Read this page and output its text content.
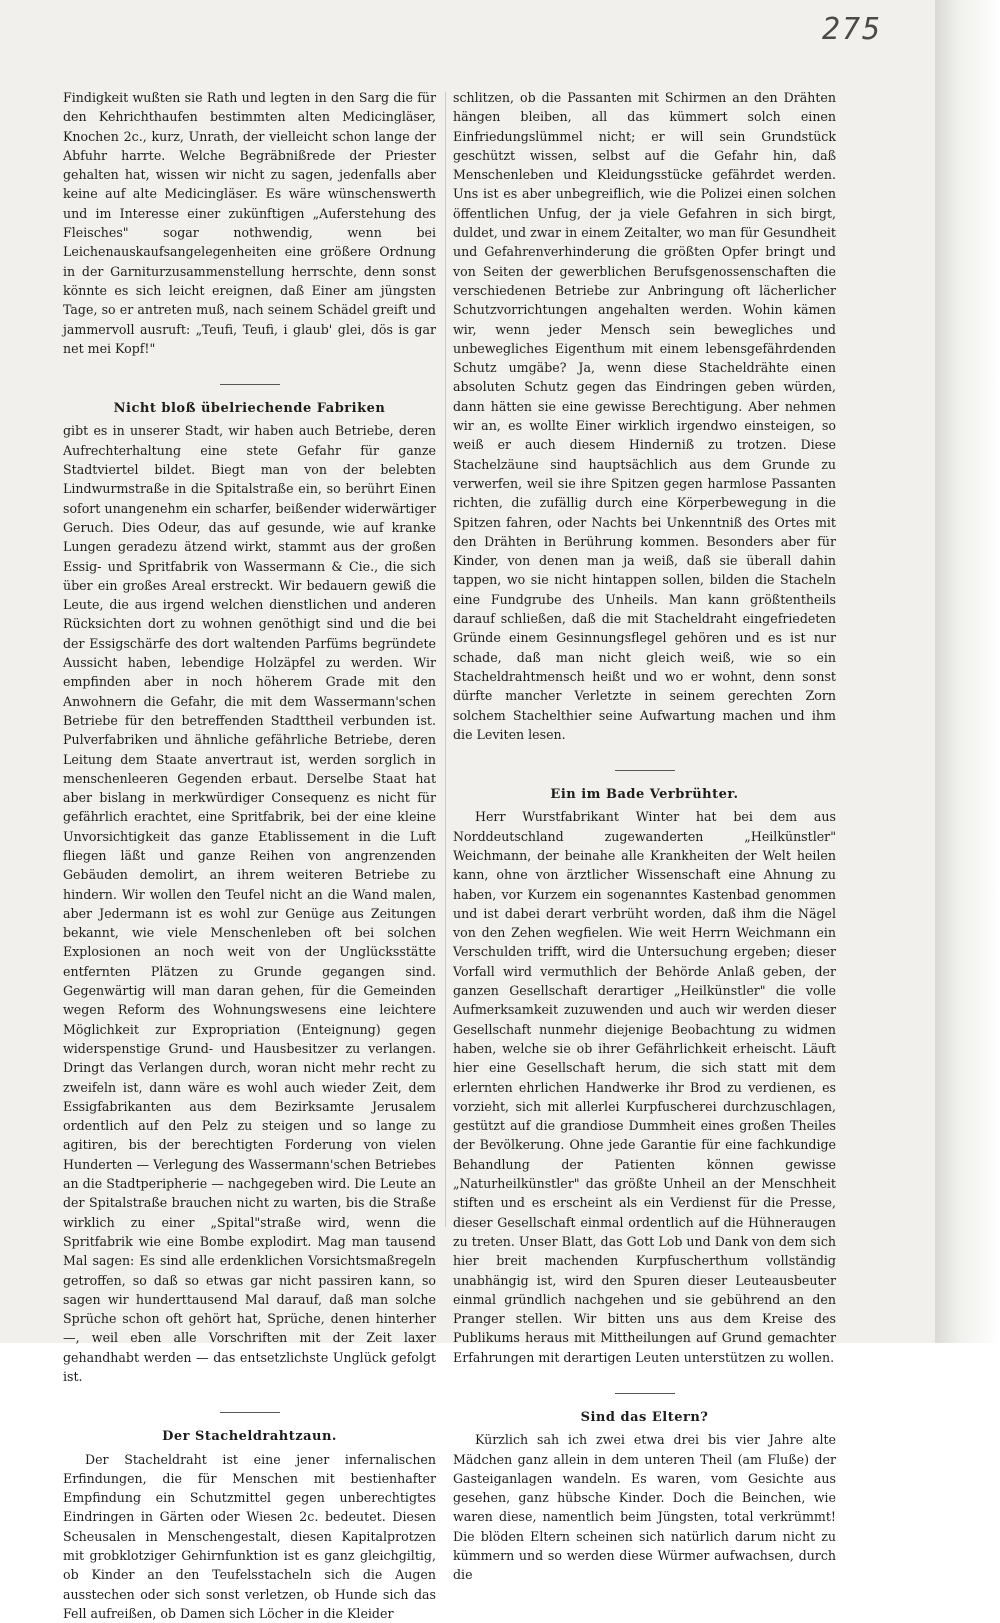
275

Findigkeit wußten sie Rath und legten in den Sarg die für den Kehrichthaufen bestimmten alten Medicingläser, Knochen 2c., kurz, Unrath, der vielleicht schon lange der Abfuhr harrte. Welche Begräbnißrede der Priester gehalten hat, wissen wir nicht zu sagen, jedenfalls aber keine auf alte Medicingläser. Es wäre wünschenswerth und im Interesse einer zukünftigen „Auferstehung des Fleisches" sogar nothwendig, wenn bei Leichenauskaufsangelegenheiten eine größere Ordnung in der Garniturzusammenstellung herrschte, denn sonst könnte es sich leicht ereignen, daß Einer am jüngsten Tage, so er antreten muß, nach seinem Schädel greift und jammervoll ausruft: „Teufi, Teufi, i glaub' glei, dös is gar net mei Kopf!"

Nicht bloß übelriechende Fabriken

gibt es in unserer Stadt, wir haben auch Betriebe, deren Aufrechterhaltung eine stete Gefahr für ganze Stadtviertel bildet. Biegt man von der belebten Lindwurmstraße in die Spitalstraße ein, so berührt Einen sofort unangenehm ein scharfer, beißender widerwärtiger Geruch. Dies Odeur, das auf gesunde, wie auf kranke Lungen geradezu ätzend wirkt, stammt aus der großen Essig- und Spritfabrik von Wassermann & Cie., die sich über ein großes Areal erstreckt. Wir bedauern gewiß die Leute, die aus irgend welchen dienstlichen und anderen Rücksichten dort zu wohnen genöthigt sind und die bei der Essigschärfe des dort waltenden Parfüms begründete Aussicht haben, lebendige Holzäpfel zu werden. Wir empfinden aber in noch höherem Grade mit den Anwohnern die Gefahr, die mit dem Wassermann'schen Betriebe für den betreffenden Stadttheil verbunden ist. Pulverfabriken und ähnliche gefährliche Betriebe, deren Leitung dem Staate anvertraut ist, werden sorglich in menschenleeren Gegenden erbaut. Derselbe Staat hat aber bislang in merkwürdiger Consequenz es nicht für gefährlich erachtet, eine Spritfabrik, bei der eine kleine Unvorsichtigkeit das ganze Etablissement in die Luft fliegen läßt und ganze Reihen von angrenzenden Gebäuden demolirt, an ihrem weiteren Betriebe zu hindern. Wir wollen den Teufel nicht an die Wand malen, aber Jedermann ist es wohl zur Genüge aus Zeitungen bekannt, wie viele Menschenleben oft bei solchen Explosionen an noch weit von der Unglücksstätte entfernten Plätzen zu Grunde gegangen sind. Gegenwärtig will man daran gehen, für die Gemeinden wegen Reform des Wohnungswesens eine leichtere Möglichkeit zur Expropriation (Enteignung) gegen widerspenstige Grund- und Hausbesitzer zu verlangen. Dringt das Verlangen durch, woran nicht mehr recht zu zweifeln ist, dann wäre es wohl auch wieder Zeit, dem Essigfabrikanten aus dem Bezirksamte Jerusalem ordentlich auf den Pelz zu steigen und so lange zu agitiren, bis der berechtigten Forderung von vielen Hunderten — Verlegung des Wassermann'schen Betriebes an die Stadtperipherie — nachgegeben wird. Die Leute an der Spitalstraße brauchen nicht zu warten, bis die Straße wirklich zu einer „Spital"straße wird, wenn die Spritfabrik wie eine Bombe explodirt. Mag man tausend Mal sagen: Es sind alle erdenklichen Vorsichtsmaßregeln getroffen, so daß so etwas gar nicht passiren kann, so sagen wir hunderttausend Mal darauf, daß man solche Sprüche schon oft gehört hat, Sprüche, denen hinterher —, weil eben alle Vorschriften mit der Zeit laxer gehandhabt werden — das entsetzlichste Unglück gefolgt ist.

Der Stacheldrahtzaun.

Der Stacheldraht ist eine jener infernalischen Erfindungen, die für Menschen mit bestienhafter Empfindung ein Schutzmittel gegen unberechtigtes Eindringen in Gärten oder Wiesen 2c. bedeutet. Diesen Scheusalen in Menschengestalt, diesen Kapitalprotzen mit grobklotziger Gehirnfunktion ist es ganz gleichgiltig, ob Kinder an den Teufelsstacheln sich die Augen ausstechen oder sich sonst verletzen, ob Hunde sich das Fell aufreißen, ob Damen sich Löcher in die Kleider

schlitzen, ob die Passanten mit Schirmen an den Drähten hängen bleiben, all das kümmert solch einen Einfriedungslümmel nicht; er will sein Grundstück geschützt wissen, selbst auf die Gefahr hin, daß Menschenleben und Kleidungsstücke gefährdet werden. Uns ist es aber unbegreiflich, wie die Polizei einen solchen öffentlichen Unfug, der ja viele Gefahren in sich birgt, duldet, und zwar in einem Zeitalter, wo man für Gesundheit und Gefahrenverhinderung die größten Opfer bringt und von Seiten der gewerblichen Berufsgenossenschaften die verschiedenen Betriebe zur Anbringung oft lächerlicher Schutzvorrichtungen angehalten werden. Wohin kämen wir, wenn jeder Mensch sein bewegliches und unbewegliches Eigenthum mit einem lebensgefährdenden Schutz umgäbe? Ja, wenn diese Stacheldrähte einen absoluten Schutz gegen das Eindringen geben würden, dann hätten sie eine gewisse Berechtigung. Aber nehmen wir an, es wollte Einer wirklich irgendwo einsteigen, so weiß er auch diesem Hinderniß zu trotzen. Diese Stachelzäune sind hauptsächlich aus dem Grunde zu verwerfen, weil sie ihre Spitzen gegen harmlose Passanten richten, die zufällig durch eine Körperbewegung in die Spitzen fahren, oder Nachts bei Unkenntniß des Ortes mit den Drähten in Berührung kommen. Besonders aber für Kinder, von denen man ja weiß, daß sie überall dahin tappen, wo sie nicht hintappen sollen, bilden die Stacheln eine Fundgrube des Unheils. Man kann größtentheils darauf schließen, daß die mit Stacheldraht eingefriedeten Gründe einem Gesinnungsflegel gehören und es ist nur schade, daß man nicht gleich weiß, wie so ein Stacheldrahtmensch heißt und wo er wohnt, denn sonst dürfte mancher Verletzte in seinem gerechten Zorn solchem Stachelthier seine Aufwartung machen und ihm die Leviten lesen.

Ein im Bade Verbrühter.

Herr Wurstfabrikant Winter hat bei dem aus Norddeutschland zugewanderten „Heilkünstler" Weichmann, der beinahe alle Krankheiten der Welt heilen kann, ohne von ärztlicher Wissenschaft eine Ahnung zu haben, vor Kurzem ein sogenanntes Kastenbad genommen und ist dabei derart verbrüht worden, daß ihm die Nägel von den Zehen wegfielen. Wie weit Herrn Weichmann ein Verschulden trifft, wird die Untersuchung ergeben; dieser Vorfall wird vermuthlich der Behörde Anlaß geben, der ganzen Gesellschaft derartiger „Heilkünstler" die volle Aufmerksamkeit zuzuwenden und auch wir werden dieser Gesellschaft nunmehr diejenige Beobachtung zu widmen haben, welche sie ob ihrer Gefährlichkeit erheischt. Läuft hier eine Gesellschaft herum, die sich statt mit dem erlernten ehrlichen Handwerke ihr Brod zu verdienen, es vorzieht, sich mit allerlei Kurpfuscherei durchzuschlagen, gestützt auf die grandiose Dummheit eines großen Theiles der Bevölkerung. Ohne jede Garantie für eine fachkundige Behandlung der Patienten können gewisse „Naturheilkünstler" das größte Unheil an der Menschheit stiften und es erscheint als ein Verdienst für die Presse, dieser Gesellschaft einmal ordentlich auf die Hühneraugen zu treten. Unser Blatt, das Gott Lob und Dank von dem sich hier breit machenden Kurpfuscherthum vollständig unabhängig ist, wird den Spuren dieser Leuteausbeuter einmal gründlich nachgehen und sie gebührend an den Pranger stellen. Wir bitten uns aus dem Kreise des Publikums heraus mit Mittheilungen auf Grund gemachter Erfahrungen mit derartigen Leuten unterstützen zu wollen.

Sind das Eltern?

Kürzlich sah ich zwei etwa drei bis vier Jahre alte Mädchen ganz allein in dem unteren Theil (am Fluße) der Gasteiganlagen wandeln. Es waren, vom Gesichte aus gesehen, ganz hübsche Kinder. Doch die Beinchen, wie waren diese, namentlich beim Jüngsten, total verkrümmt! Die blöden Eltern scheinen sich natürlich darum nicht zu kümmern und so werden diese Würmer aufwachsen, durch die
